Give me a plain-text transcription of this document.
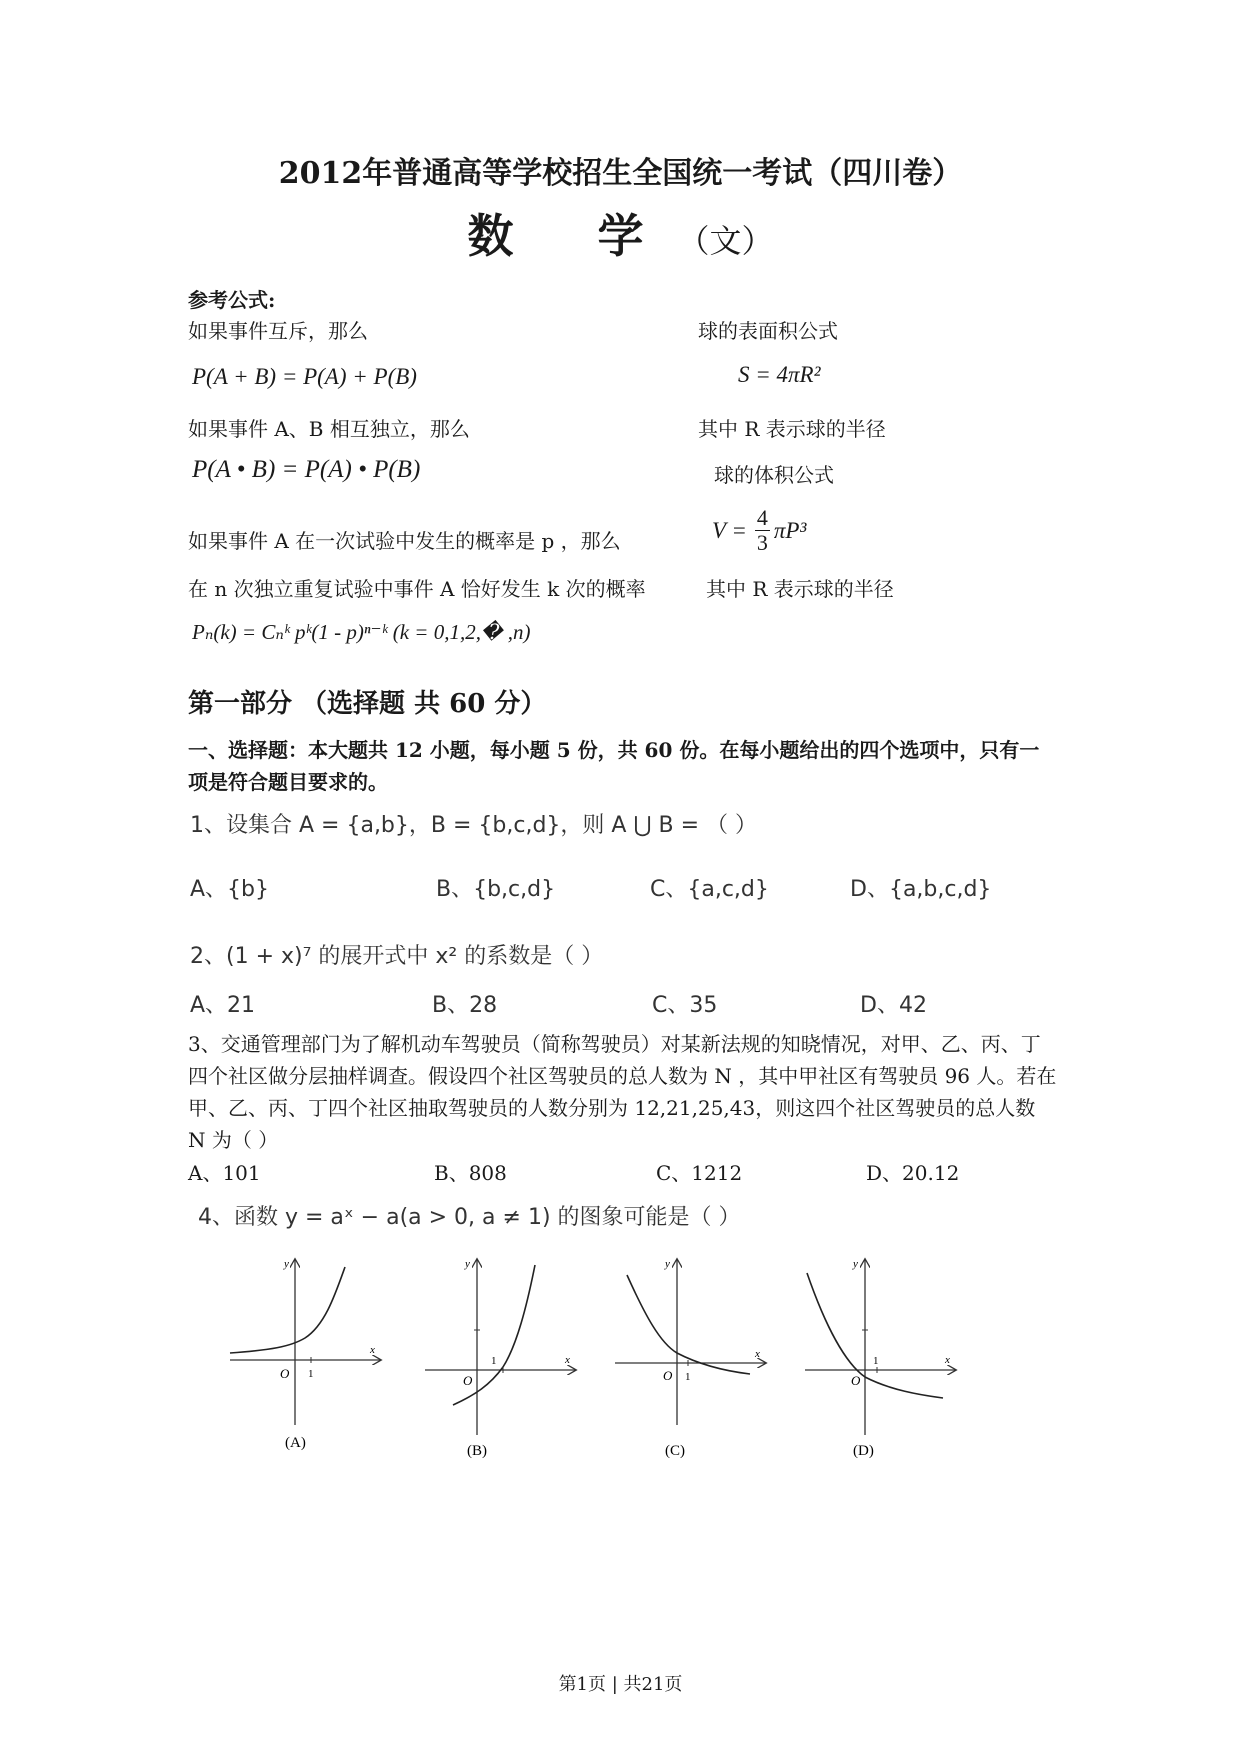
2012年普通高等学校招生全国统一考试（四川卷）
数 学（文）
参考公式:
如果事件互斥，那么
P(A + B) = P(A) + P(B)
如果事件 A、B 相互独立，那么
P(A • B) = P(A) • P(B)
如果事件 A 在一次试验中发生的概率是 p ，那么
在 n 次独立重复试验中事件 A 恰好发生 k 次的概率
Pₙ(k) = Cₙᵏ pᵏ(1 - p)ⁿ⁻ᵏ (k = 0,1,2,� ,n)
球的表面积公式
S = 4πR²
其中 R 表示球的半径
球的体积公式
$V = \frac{4}{3} \pi P^3$
其中 R 表示球的半径
第一部分 （选择题 共 60 分）
一、选择题：本大题共 12 小题，每小题 5 份，共 60 份。在每小题给出的四个选项中，只有一项是符合题目要求的。
1、设集合 A = {a,b}，B = {b,c,d}，则 A ⋃ B = （ ）
A、{b}	B、{b,c,d}	C、{a,c,d}	D、{a,b,c,d}
2、(1 + x)⁷ 的展开式中 x² 的系数是（ ）
A、21	B、28	C、35	D、42
3、交通管理部门为了解机动车驾驶员（简称驾驶员）对某新法规的知晓情况，对甲、乙、丙、丁四个社区做分层抽样调查。假设四个社区驾驶员的总人数为 N ，其中甲社区有驾驶员 96 人。若在甲、乙、丙、丁四个社区抽取驾驶员的人数分别为 12,21,25,43，则这四个社区驾驶员的总人数 N 为（ ）
A、101	B、808	C、1212	D、20.12
4、函数 y = aˣ − a(a > 0, a ≠ 1) 的图象可能是（ ）
x
y
O 1
(A)
x
y
O
1
(B)
x
y
O 1
(C)
x
y
O
1
(D)
第1页 | 共21页
